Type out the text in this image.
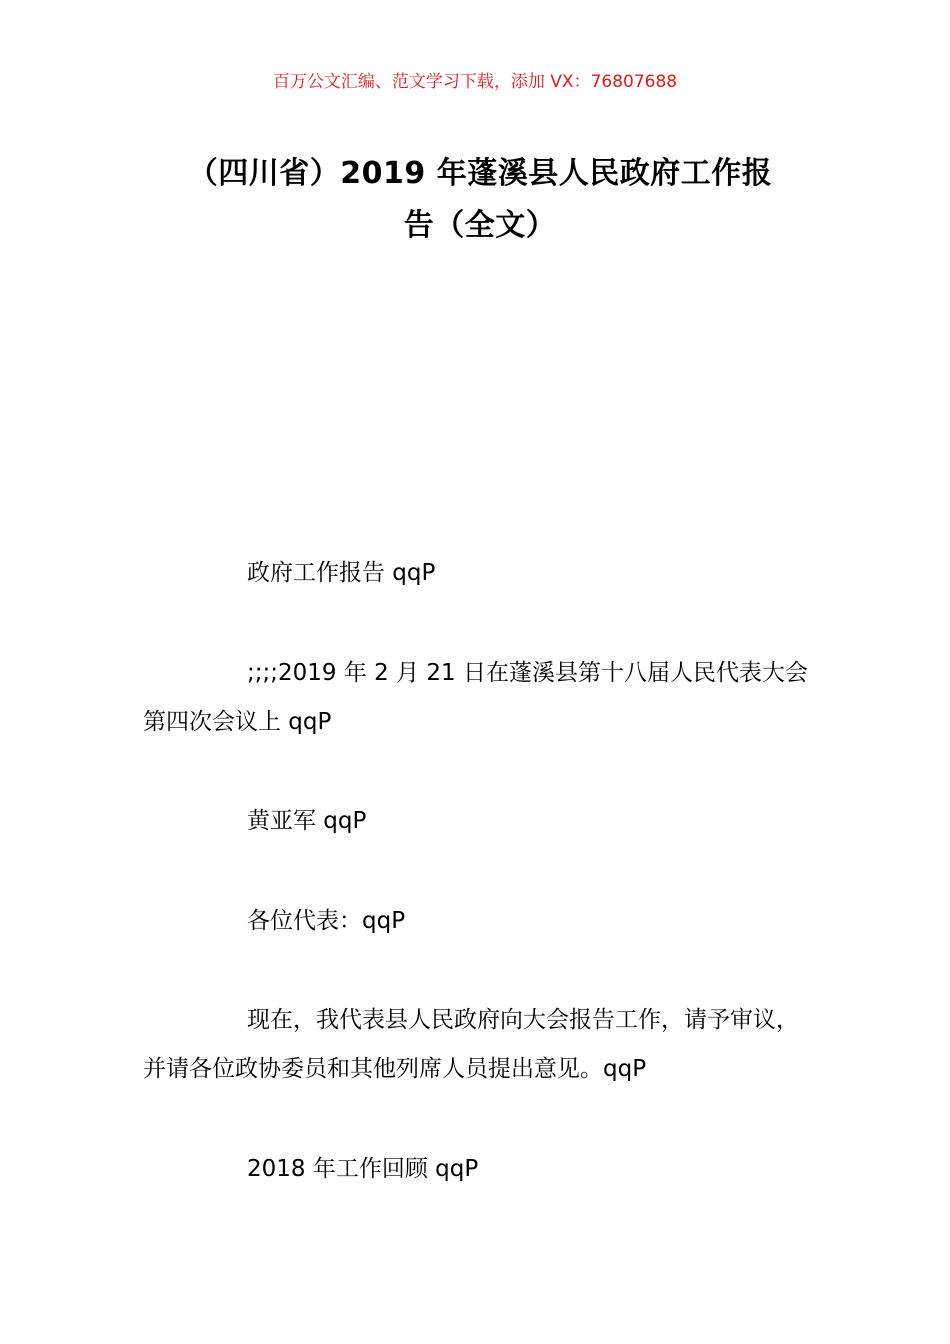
百万公文汇编、范文学习下载，添加 VX：76807688
（四川省）2019 年蓬溪县人民政府工作报
告（全文）

政府工作报告 qqP

;;;;2019 年 2 月 21 日在蓬溪县第十八届人民代表大会第四次会议上 qqP

黄亚军 qqP

各位代表：qqP

现在，我代表县人民政府向大会报告工作，请予审议，并请各位政协委员和其他列席人员提出意见。qqP

2018 年工作回顾 qqP
